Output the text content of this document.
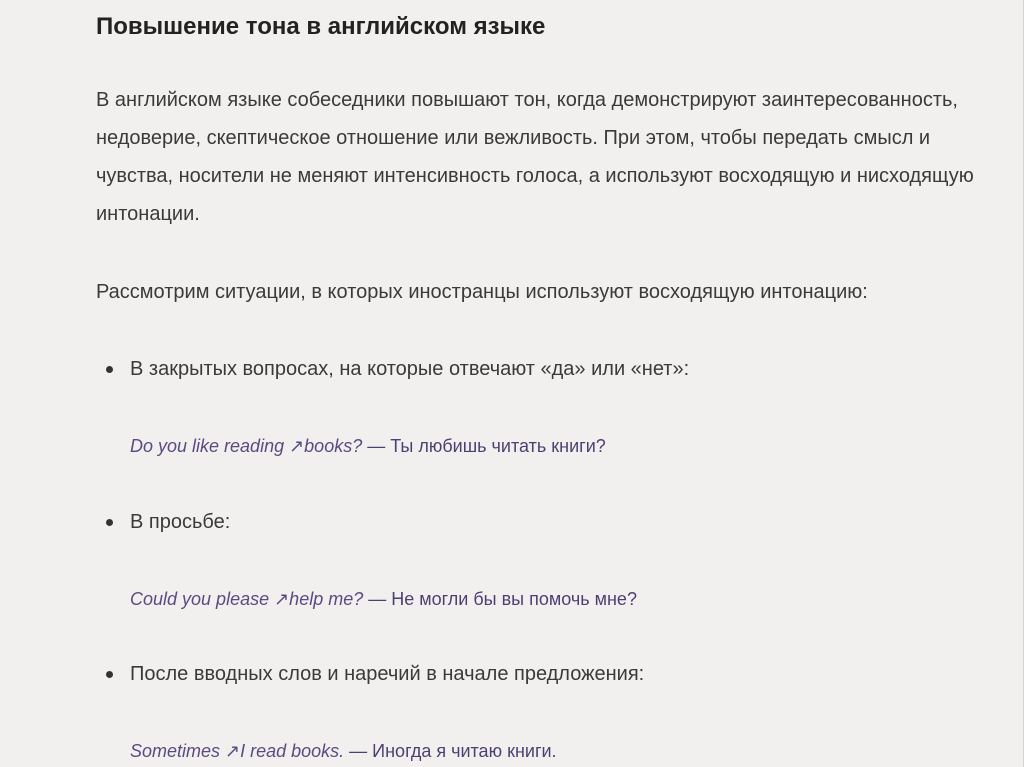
Повышение тона в английском языке

В английском языке собеседники повышают тон, когда демонстрируют заинтересованность, недоверие, скептическое отношение или вежливость. При этом, чтобы передать смысл и чувства, носители не меняют интенсивность голоса, а используют восходящую и нисходящую интонации.

Рассмотрим ситуации, в которых иностранцы используют восходящую интонацию:

В закрытых вопросах, на которые отвечают «да» или «нет»:
Do you like reading ↗books? — Ты любишь читать книги?
В просьбе:
Could you please ↗help me? — Не могли бы вы помочь мне?
После вводных слов и наречий в начале предложения:
Sometimes ↗I read books. — Иногда я читаю книги.
